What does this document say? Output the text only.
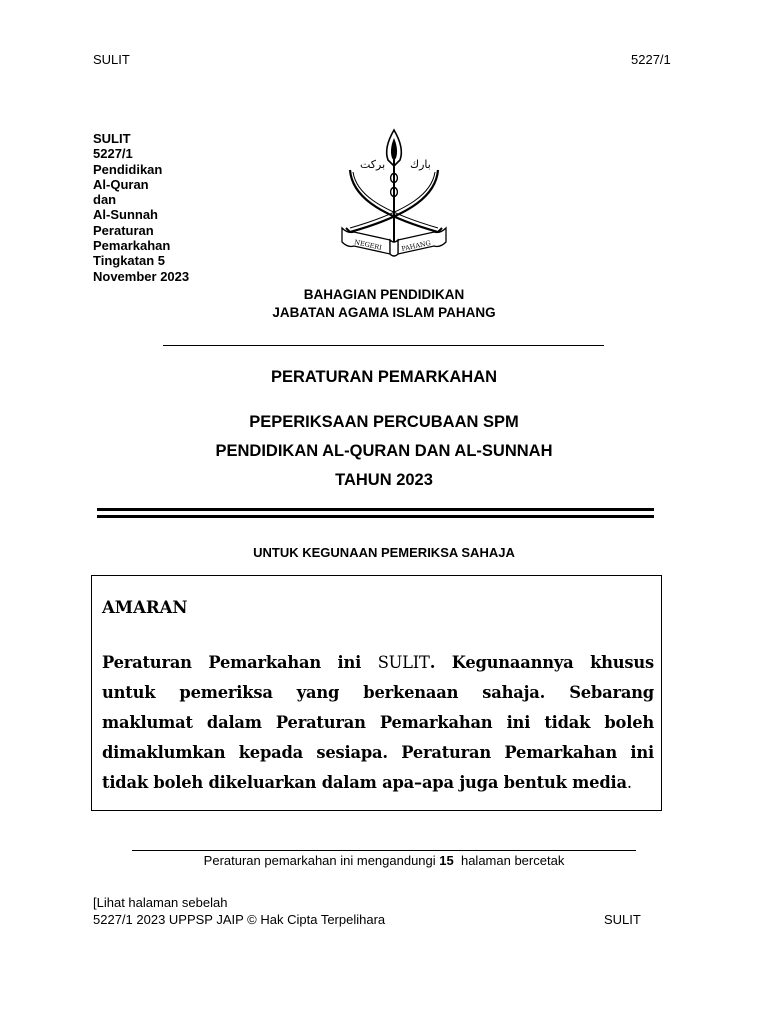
SULIT	5227/1
SULIT
5227/1
Pendidikan
Al-Quran
dan
Al-Sunnah
Peraturan
Pemarkahan
Tingkatan 5
November 2023
ﺑﺮﻛﺖ ﺑﺎﺭﻙ
NEGERI	PAHANG
BAHAGIAN PENDIDIKAN
JABATAN AGAMA ISLAM PAHANG
PERATURAN PEMARKAHAN
PEPERIKSAAN PERCUBAAN SPM
PENDIDIKAN AL-QURAN DAN AL-SUNNAH
TAHUN 2023
UNTUK KEGUNAAN PEMERIKSA SAHAJA
AMARAN
Peraturan Pemarkahan ini SULIT. Kegunaannya khusus untuk pemeriksa yang berkenaan sahaja. Sebarang maklumat dalam Peraturan Pemarkahan ini tidak boleh dimaklumkan kepada sesiapa. Peraturan Pemarkahan ini tidak boleh dikeluarkan dalam apa–apa juga bentuk media.
Peraturan pemarkahan ini mengandungi 15  halaman bercetak
[Lihat halaman sebelah
5227/1 2023 UPPSP JAIP © Hak Cipta Terpelihara	SULIT
